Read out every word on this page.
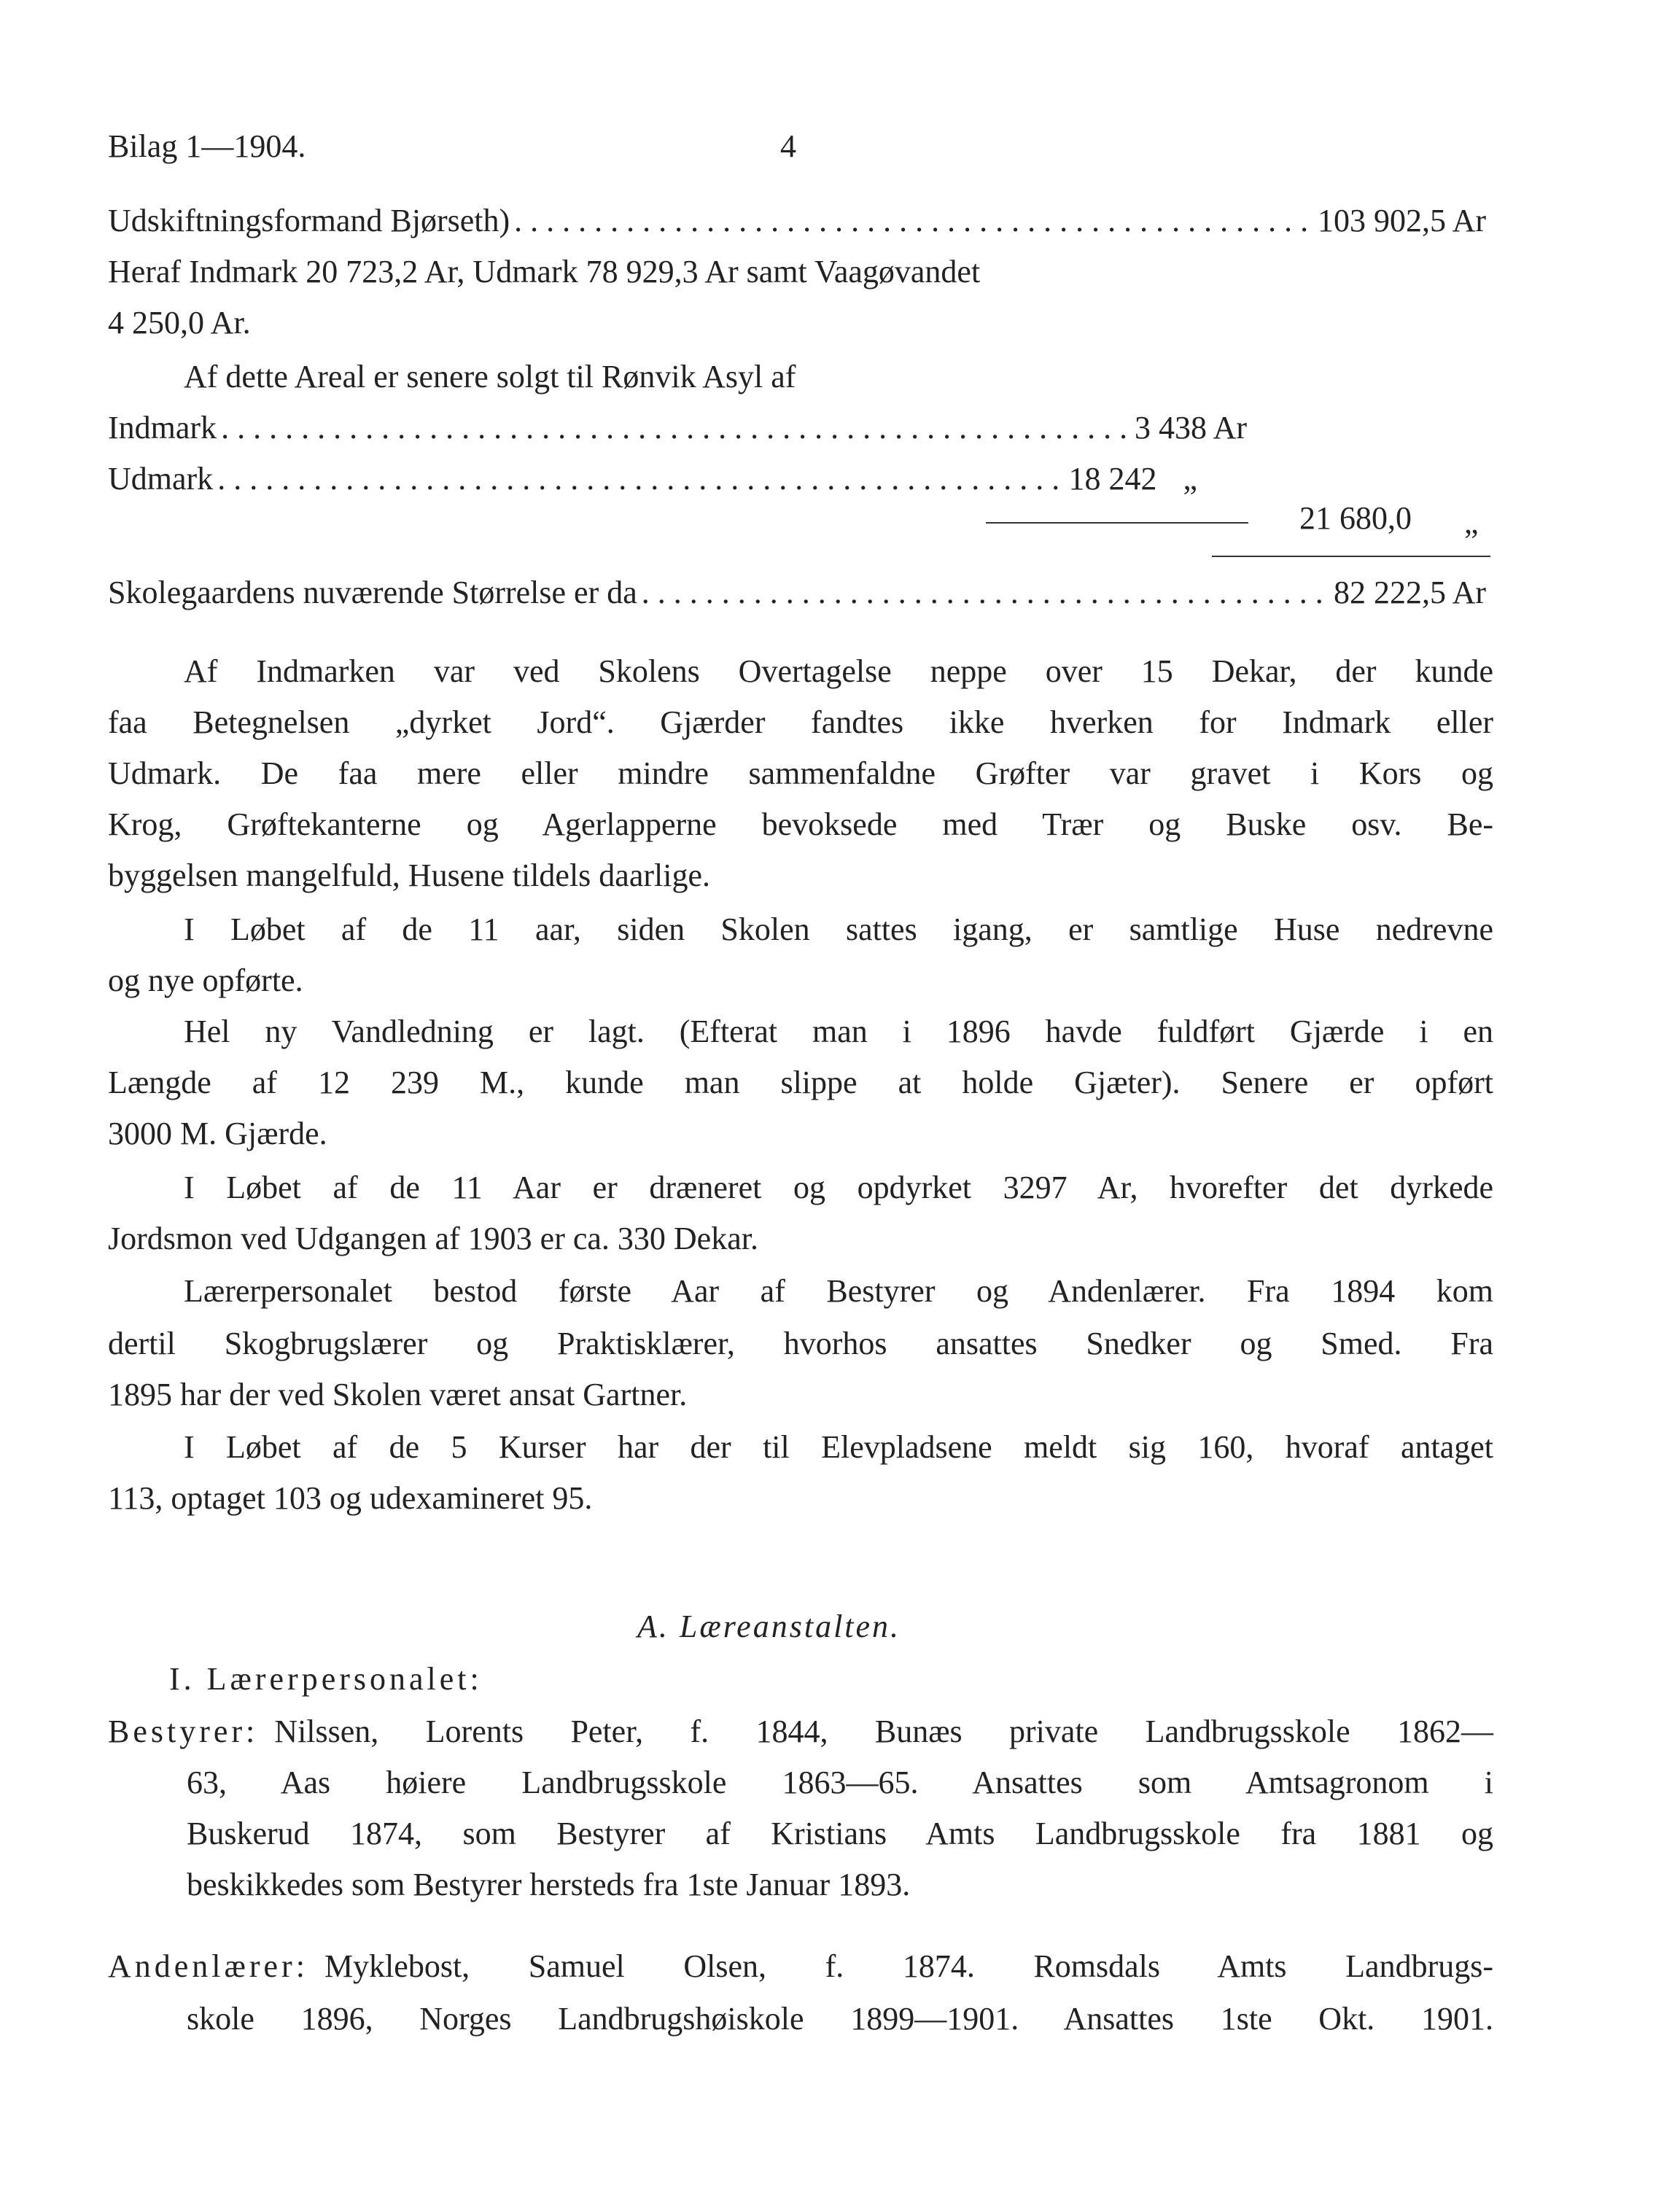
Bilag 1—1904.	4
Udskiftningsformand Bjørseth) . . .	103 902,5 Ar
Heraf Indmark 20 723,2 Ar, Udmark 78 929,3 Ar samt Vaagøvandet
4 250,0 Ar.
Af dette Areal er senere solgt til Rønvik Asyl af
Indmark . . .	3 438 Ar
Udmark . . .	18 242 „
21 680,0 „
Skolegaardens nuværende Størrelse er da . . .	82 222,5 Ar
Af Indmarken var ved Skolens Overtagelse neppe over 15 Dekar, der kunde
faa Betegnelsen „dyrket Jord“. Gjærder fandtes ikke hverken for Indmark eller
Udmark. De faa mere eller mindre sammenfaldne Grøfter var gravet i Kors og
Krog, Grøftekanterne og Agerlapperne bevoksede med Trær og Buske osv. Be-
byggelsen mangelfuld, Husene tildels daarlige.
I Løbet af de 11 aar, siden Skolen sattes igang, er samtlige Huse nedrevne
og nye opførte.
Hel ny Vandledning er lagt. (Efterat man i 1896 havde fuldført Gjærde i en
Længde af 12 239 M., kunde man slippe at holde Gjæter). Senere er opført
3000 M. Gjærde.
I Løbet af de 11 Aar er dræneret og opdyrket 3297 Ar, hvorefter det dyrkede
Jordsmon ved Udgangen af 1903 er ca. 330 Dekar.
Lærerpersonalet bestod første Aar af Bestyrer og Andenlærer. Fra 1894 kom
dertil Skogbrugslærer og Praktisklærer, hvorhos ansattes Snedker og Smed. Fra
1895 har der ved Skolen været ansat Gartner.
I Løbet af de 5 Kurser har der til Elevpladsene meldt sig 160, hvoraf antaget
113, optaget 103 og udexamineret 95.
A. Læreanstalten.
I. Lærerpersonalet:
Bestyrer: Nilssen, Lorents Peter, f. 1844, Bunæs private Landbrugsskole 1862—
63, Aas høiere Landbrugsskole 1863—65. Ansattes som Amtsagronom i
Buskerud 1874, som Bestyrer af Kristians Amts Landbrugsskole fra 1881 og
beskikkedes som Bestyrer hersteds fra 1ste Januar 1893.
Andenlærer: Myklebost, Samuel Olsen, f. 1874. Romsdals Amts Landbrugs-
skole 1896, Norges Landbrugshøiskole 1899—1901. Ansattes 1ste Okt. 1901.
